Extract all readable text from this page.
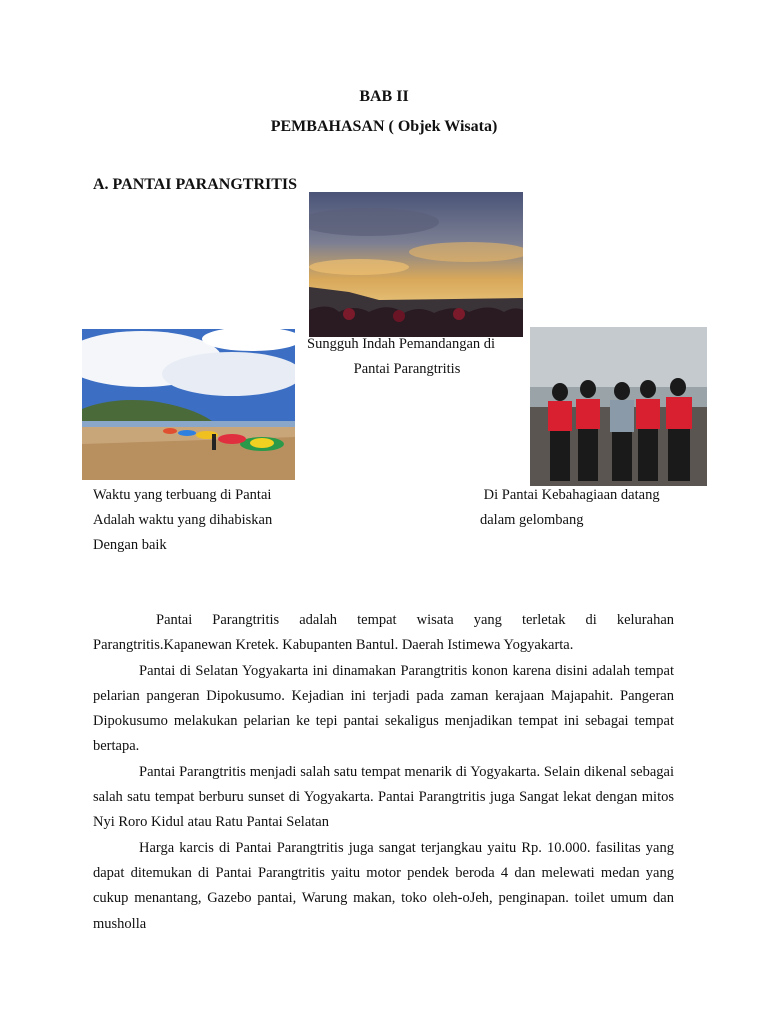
BAB II
PEMBAHASAN ( Objek Wisata)
A. PANTAI PARANGTRITIS
Sungguh Indah Pemandangan di
Pantai Parangtritis
Waktu yang terbuang di Pantai
Adalah waktu yang dihabiskan
Dengan baik
Di Pantai Kebahagiaan datang
dalam gelombang

Pantai Parangtritis adalah tempat wisata yang terletak di kelurahan Parangtritis.Kapanewan Kretek. Kabupanten Bantul. Daerah Istimewa Yogyakarta.

Pantai di Selatan Yogyakarta ini dinamakan Parangtritis konon karena disini adalah tempat pelarian pangeran Dipokusumo. Kejadian ini terjadi pada zaman kerajaan Majapahit. Pangeran Dipokusumo melakukan pelarian ke tepi pantai sekaligus menjadikan tempat ini sebagai tempat bertapa.

Pantai Parangtritis menjadi salah satu tempat menarik di Yogyakarta. Selain dikenal sebagai salah satu tempat berburu sunset di Yogyakarta. Pantai Parangtritis juga Sangat lekat dengan mitos Nyi Roro Kidul atau Ratu Pantai Selatan

Harga karcis di Pantai Parangtritis juga sangat terjangkau yaitu Rp. 10.000. fasilitas yang dapat ditemukan di Pantai Parangtritis yaitu motor pendek beroda 4 dan melewati medan yang cukup menantang, Gazebo pantai, Warung makan, toko oleh-oJeh, penginapan. toilet umum dan musholla
